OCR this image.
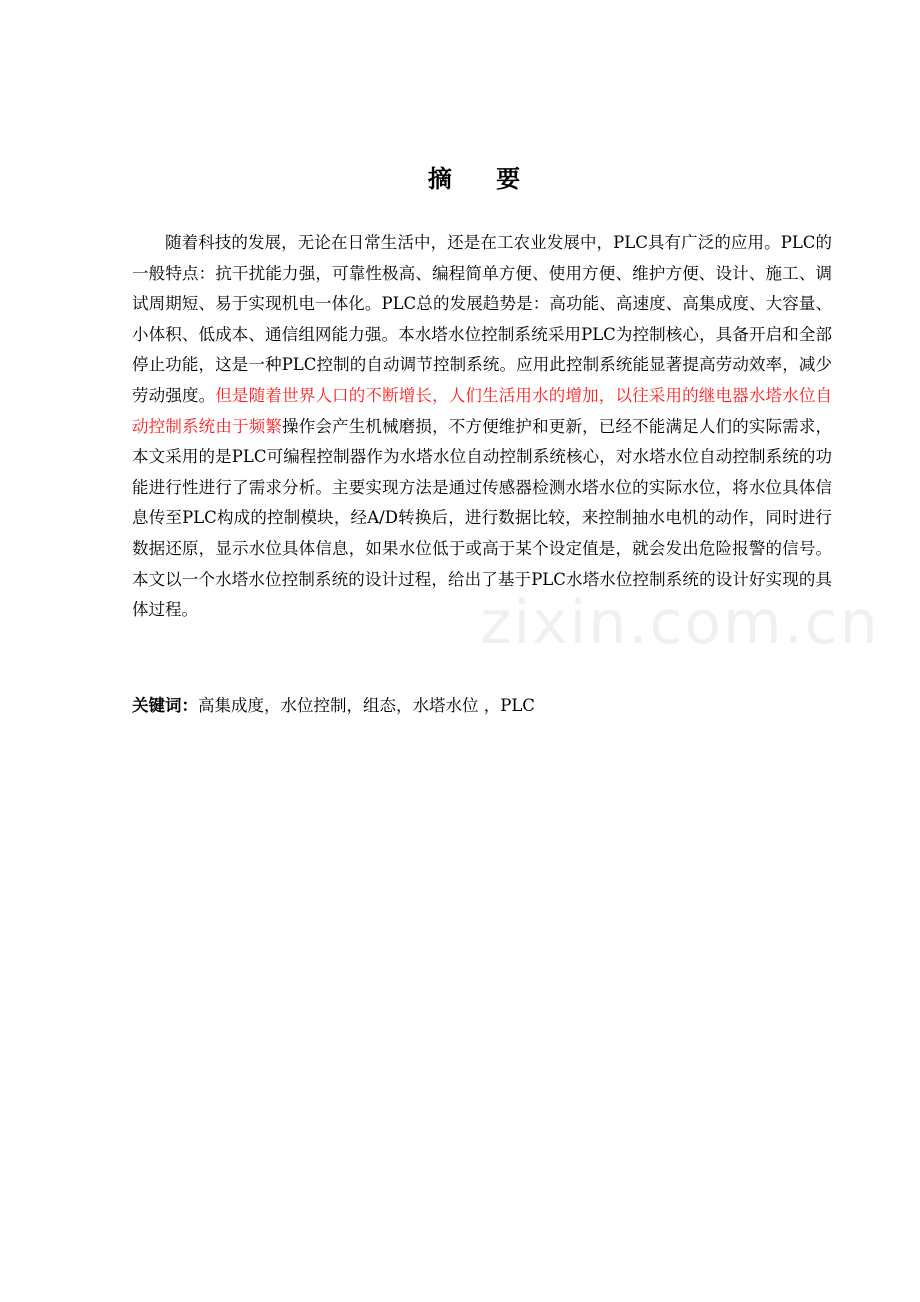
摘 要

随着科技的发展，无论在日常生活中，还是在工农业发展中，PLC具有广泛的应用。PLC的一般特点：抗干扰能力强，可靠性极高、编程简单方便、使用方便、维护方便、设计、施工、调试周期短、易于实现机电一体化。PLC总的发展趋势是：高功能、高速度、高集成度、大容量、小体积、低成本、通信组网能力强。本水塔水位控制系统采用PLC为控制核心，具备开启和全部停止功能，这是一种PLC控制的自动调节控制系统。应用此控制系统能显著提高劳动效率，减少劳动强度。但是随着世界人口的不断增长，人们生活用水的增加，以往采用的继电器水塔水位自动控制系统由于频繁操作会产生机械磨损，不方便维护和更新，已经不能满足人们的实际需求，本文采用的是PLC可编程控制器作为水塔水位自动控制系统核心，对水塔水位自动控制系统的功能进行性进行了需求分析。主要实现方法是通过传感器检测水塔水位的实际水位，将水位具体信息传至PLC构成的控制模块，经A/D转换后，进行数据比较，来控制抽水电机的动作，同时进行数据还原，显示水位具体信息，如果水位低于或高于某个设定值是，就会发出危险报警的信号。本文以一个水塔水位控制系统的设计过程，给出了基于PLC水塔水位控制系统的设计好实现的具体过程。

关键词：高集成度，水位控制，组态，水塔水位 ，PLC

zixin.com.cn
